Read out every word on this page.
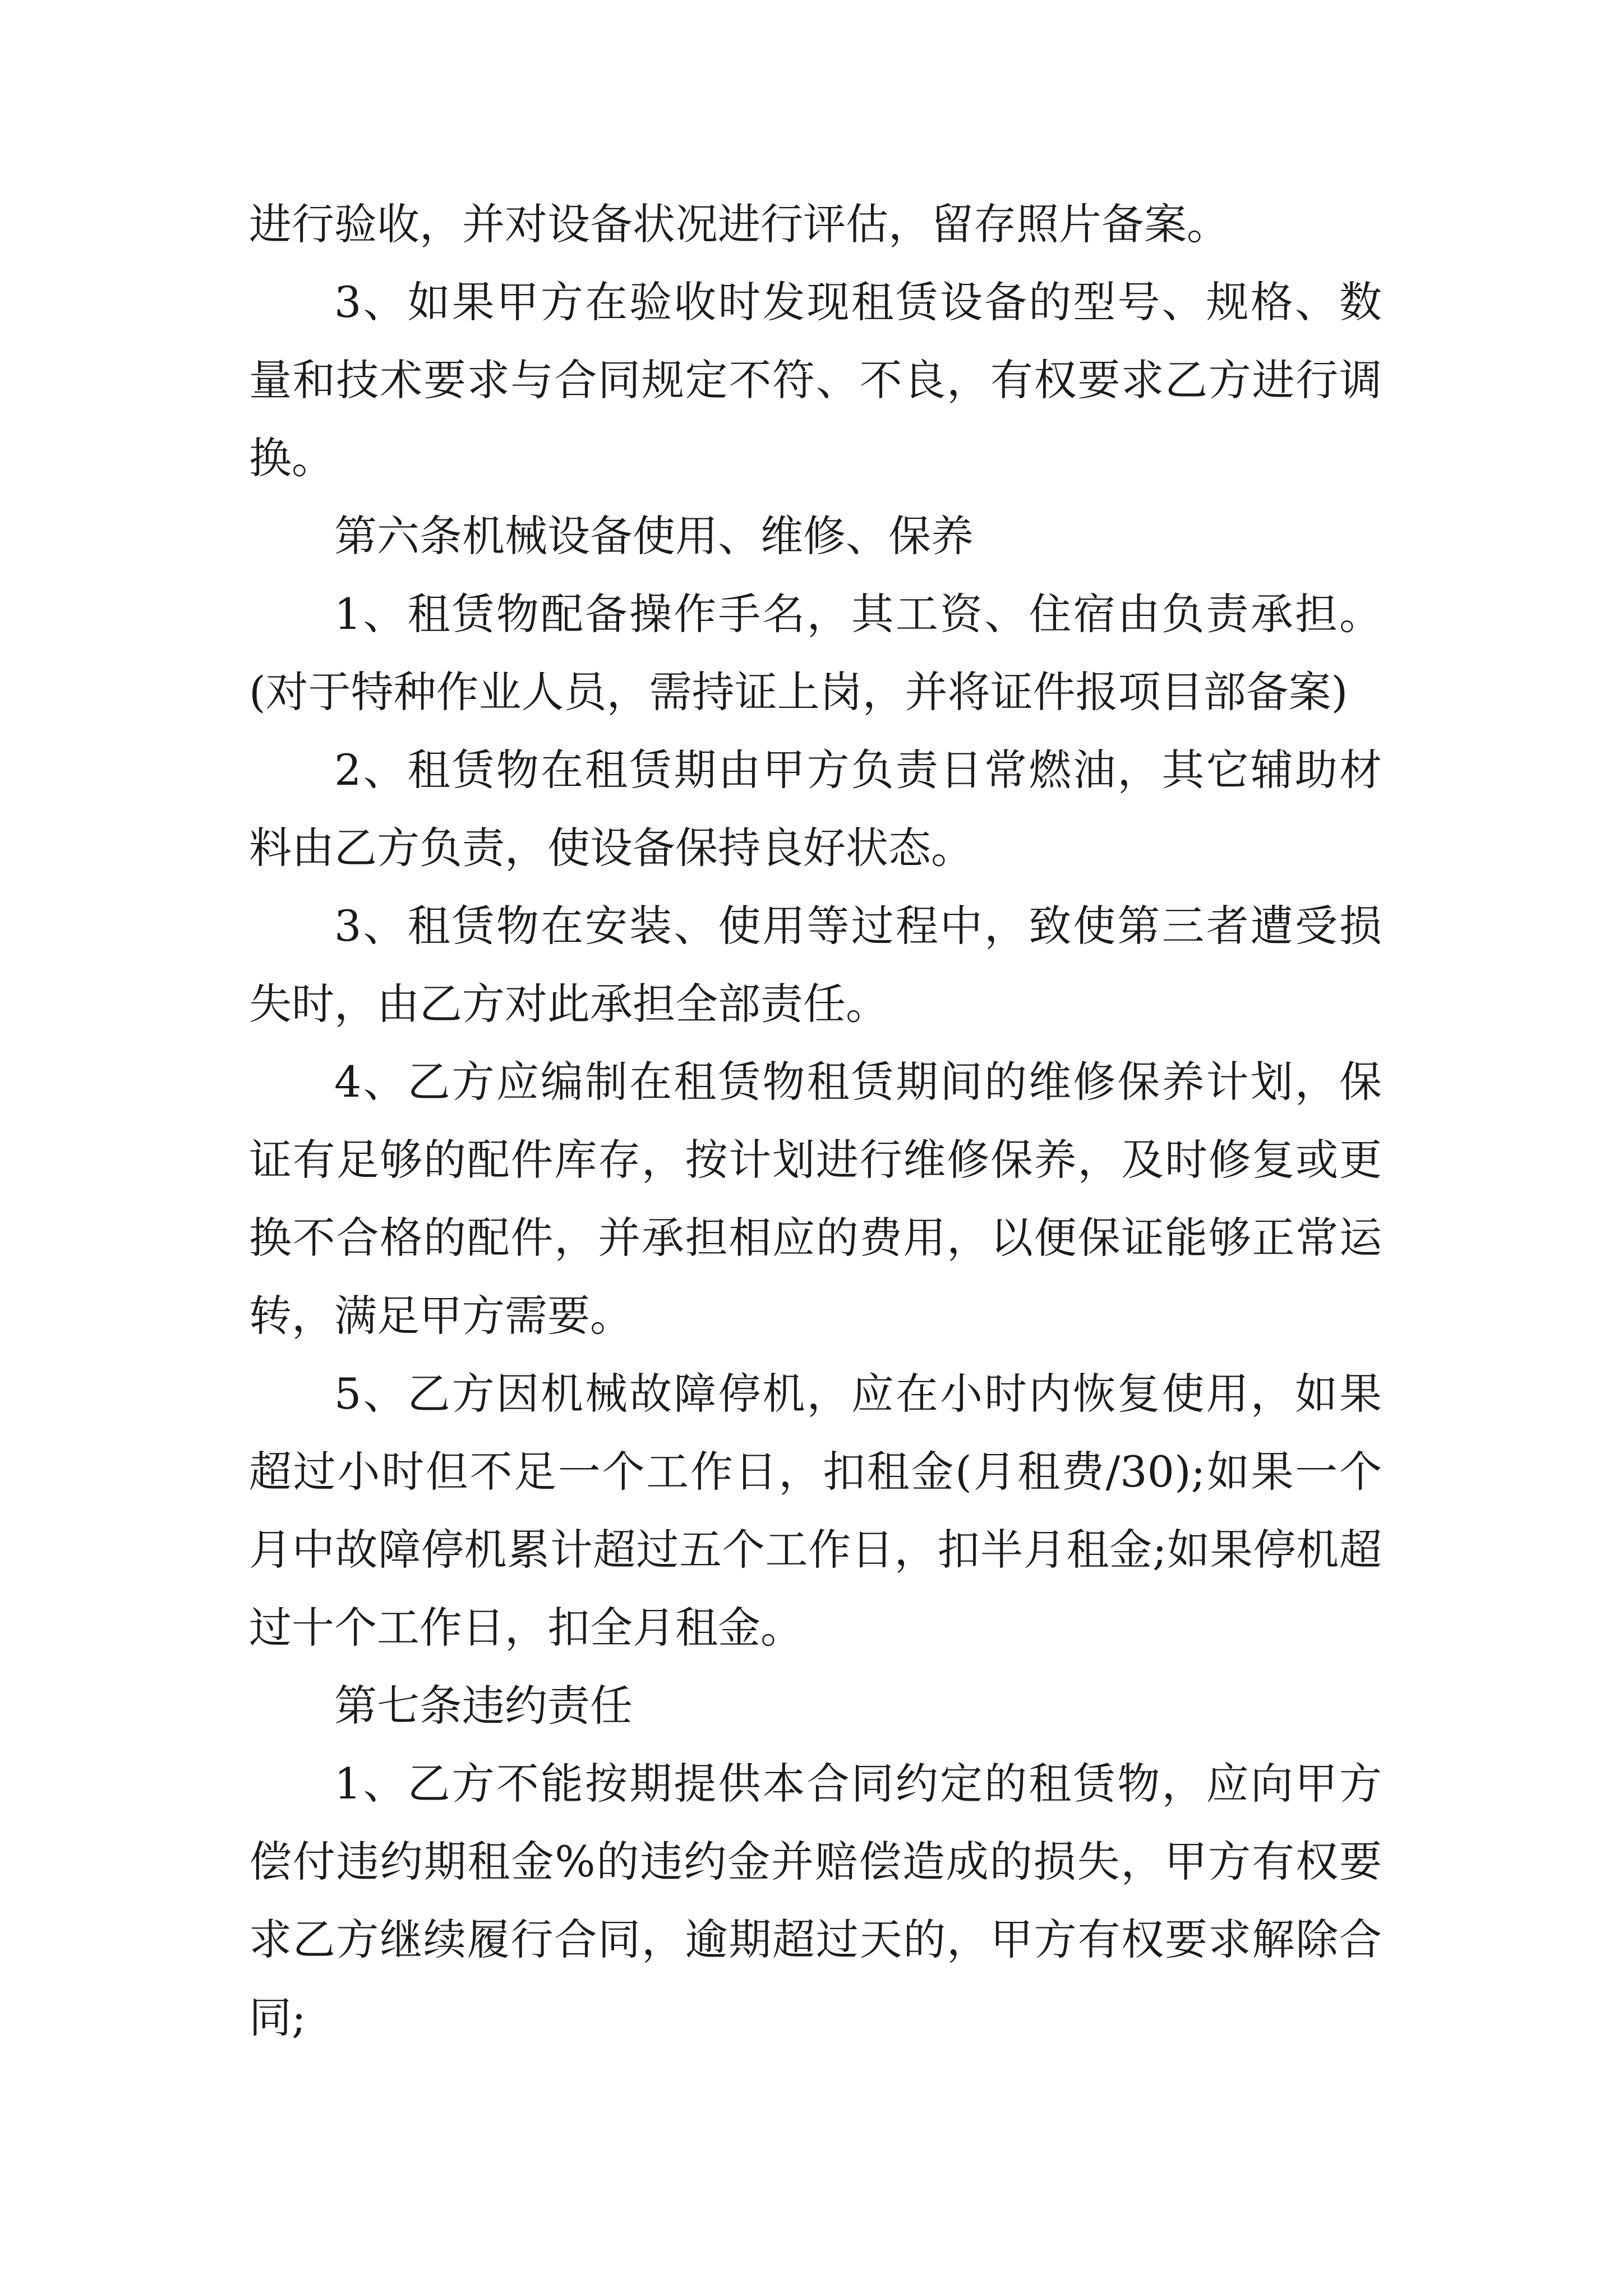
进行验收，并对设备状况进行评估，留存照片备案。

3、如果甲方在验收时发现租赁设备的型号、规格、数量和技术要求与合同规定不符、不良，有权要求乙方进行调换。

第六条机械设备使用、维修、保养

1、租赁物配备操作手名，其工资、住宿由负责承担。(对于特种作业人员，需持证上岗，并将证件报项目部备案)

2、租赁物在租赁期由甲方负责日常燃油，其它辅助材料由乙方负责，使设备保持良好状态。

3、租赁物在安装、使用等过程中，致使第三者遭受损失时，由乙方对此承担全部责任。

4、乙方应编制在租赁物租赁期间的维修保养计划，保证有足够的配件库存，按计划进行维修保养，及时修复或更换不合格的配件，并承担相应的费用，以便保证能够正常运转，满足甲方需要。

5、乙方因机械故障停机，应在小时内恢复使用，如果超过小时但不足一个工作日，扣租金(月租费/30);如果一个月中故障停机累计超过五个工作日，扣半月租金;如果停机超过十个工作日，扣全月租金。

第七条违约责任

1、乙方不能按期提供本合同约定的租赁物，应向甲方偿付违约期租金%的违约金并赔偿造成的损失，甲方有权要求乙方继续履行合同，逾期超过天的，甲方有权要求解除合同;
